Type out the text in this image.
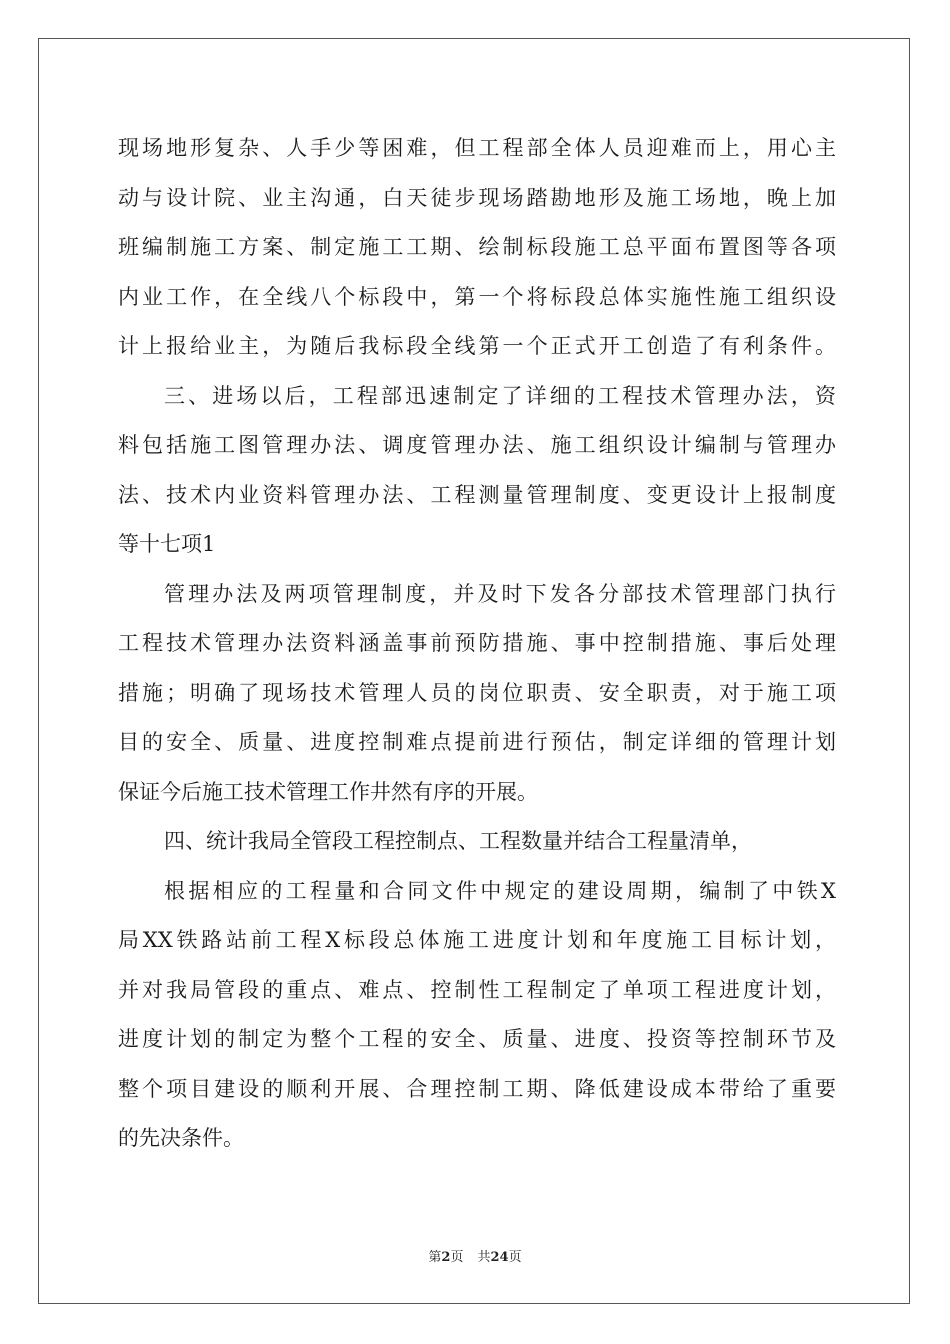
现场地形复杂、人手少等困难，但工程部全体人员迎难而上，用心主
动与设计院、业主沟通，白天徒步现场踏勘地形及施工场地，晚上加
班编制施工方案、制定施工工期、绘制标段施工总平面布置图等各项
内业工作，在全线八个标段中，第一个将标段总体实施性施工组织设
计上报给业主，为随后我标段全线第一个正式开工创造了有利条件。
三、进场以后，工程部迅速制定了详细的工程技术管理办法，资
料包括施工图管理办法、调度管理办法、施工组织设计编制与管理办
法、技术内业资料管理办法、工程测量管理制度、变更设计上报制度
等十七项1
管理办法及两项管理制度，并及时下发各分部技术管理部门执行
工程技术管理办法资料涵盖事前预防措施、事中控制措施、事后处理
措施；明确了现场技术管理人员的岗位职责、安全职责，对于施工项
目的安全、质量、进度控制难点提前进行预估，制定详细的管理计划
保证今后施工技术管理工作井然有序的开展。
四、统计我局全管段工程控制点、工程数量并结合工程量清单，
根据相应的工程量和合同文件中规定的建设周期，编制了中铁X
局XX铁路站前工程X标段总体施工进度计划和年度施工目标计划，
并对我局管段的重点、难点、控制性工程制定了单项工程进度计划，
进度计划的制定为整个工程的安全、质量、进度、投资等控制环节及
整个项目建设的顺利开展、合理控制工期、降低建设成本带给了重要
的先决条件。
第2页 共24页
